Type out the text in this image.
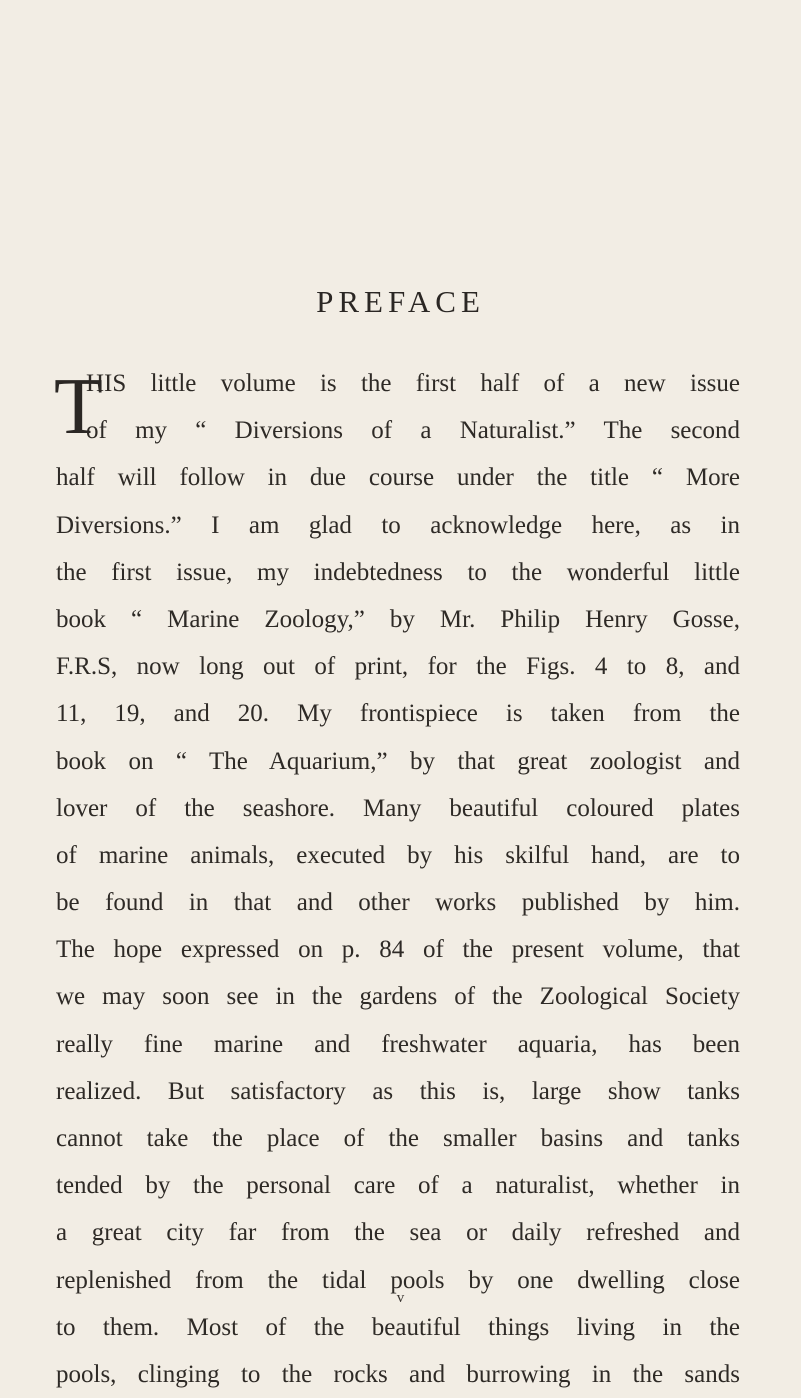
PREFACE
T
HIS little volume is the first half of a new issue
of my “ Diversions of a Naturalist.” The second
half will follow in due course under the title “ More
Diversions.” I am glad to acknowledge here, as in
the first issue, my indebtedness to the wonderful little
book “ Marine Zoology,” by Mr. Philip Henry Gosse,
F.R.S, now long out of print, for the Figs. 4 to 8, and
11, 19, and 20. My frontispiece is taken from the
book on “ The Aquarium,” by that great zoologist and
lover of the seashore. Many beautiful coloured plates
of marine animals, executed by his skilful hand, are to
be found in that and other works published by him.
The hope expressed on p. 84 of the present volume, that
we may soon see in the gardens of the Zoological Society
really fine marine and freshwater aquaria, has been
realized. But satisfactory as this is, large show tanks
cannot take the place of the smaller basins and tanks
tended by the personal care of a naturalist, whether in
a great city far from the sea or daily refreshed and
replenished from the tidal pools by one dwelling close
to them. Most of the beautiful things living in the
pools, clinging to the rocks and burrowing in the sands
v
